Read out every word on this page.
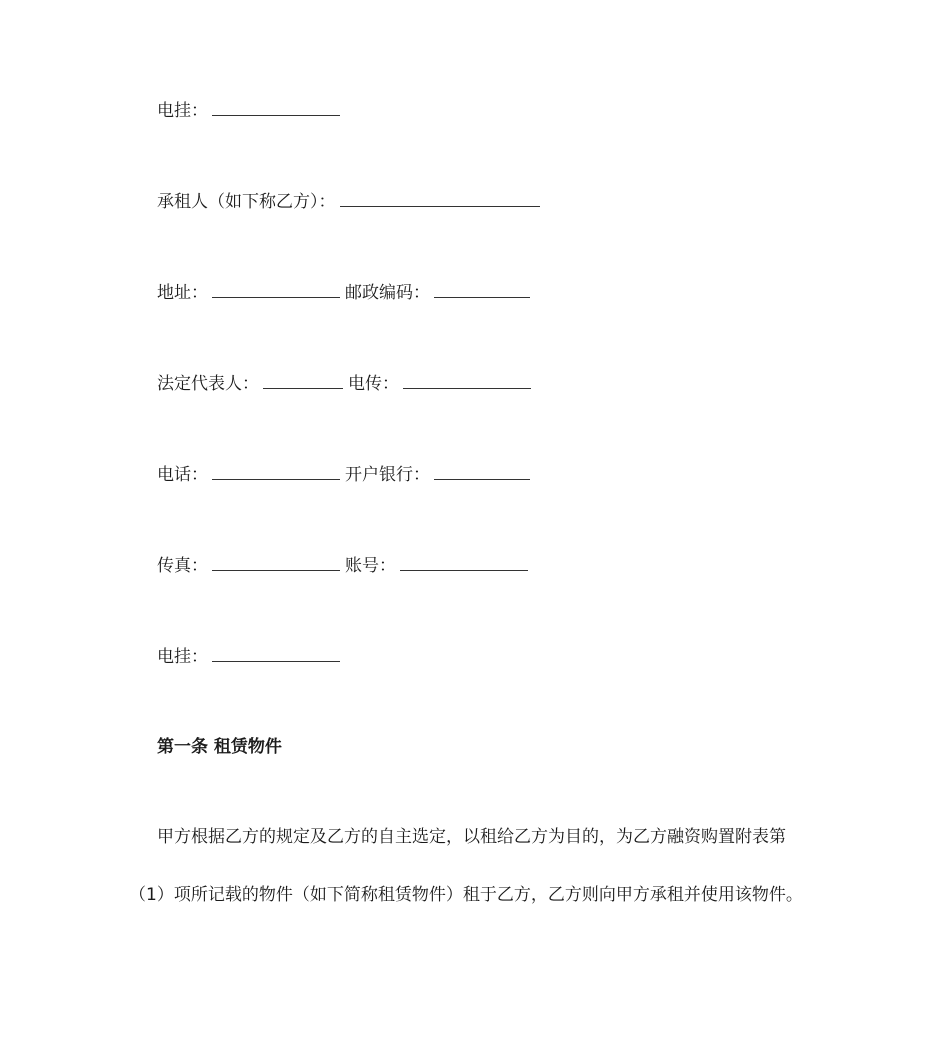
电挂：
承租人（如下称乙方）：
地址：	邮政编码：
法定代表人：	电传：
电话：	开户银行：
传真：	账号：
电挂：
第一条 租赁物件
甲方根据乙方的规定及乙方的自主选定，以租给乙方为目的，为乙方融资购置附表第
（1）项所记载的物件（如下简称租赁物件）租于乙方，乙方则向甲方承租并使用该物件。
